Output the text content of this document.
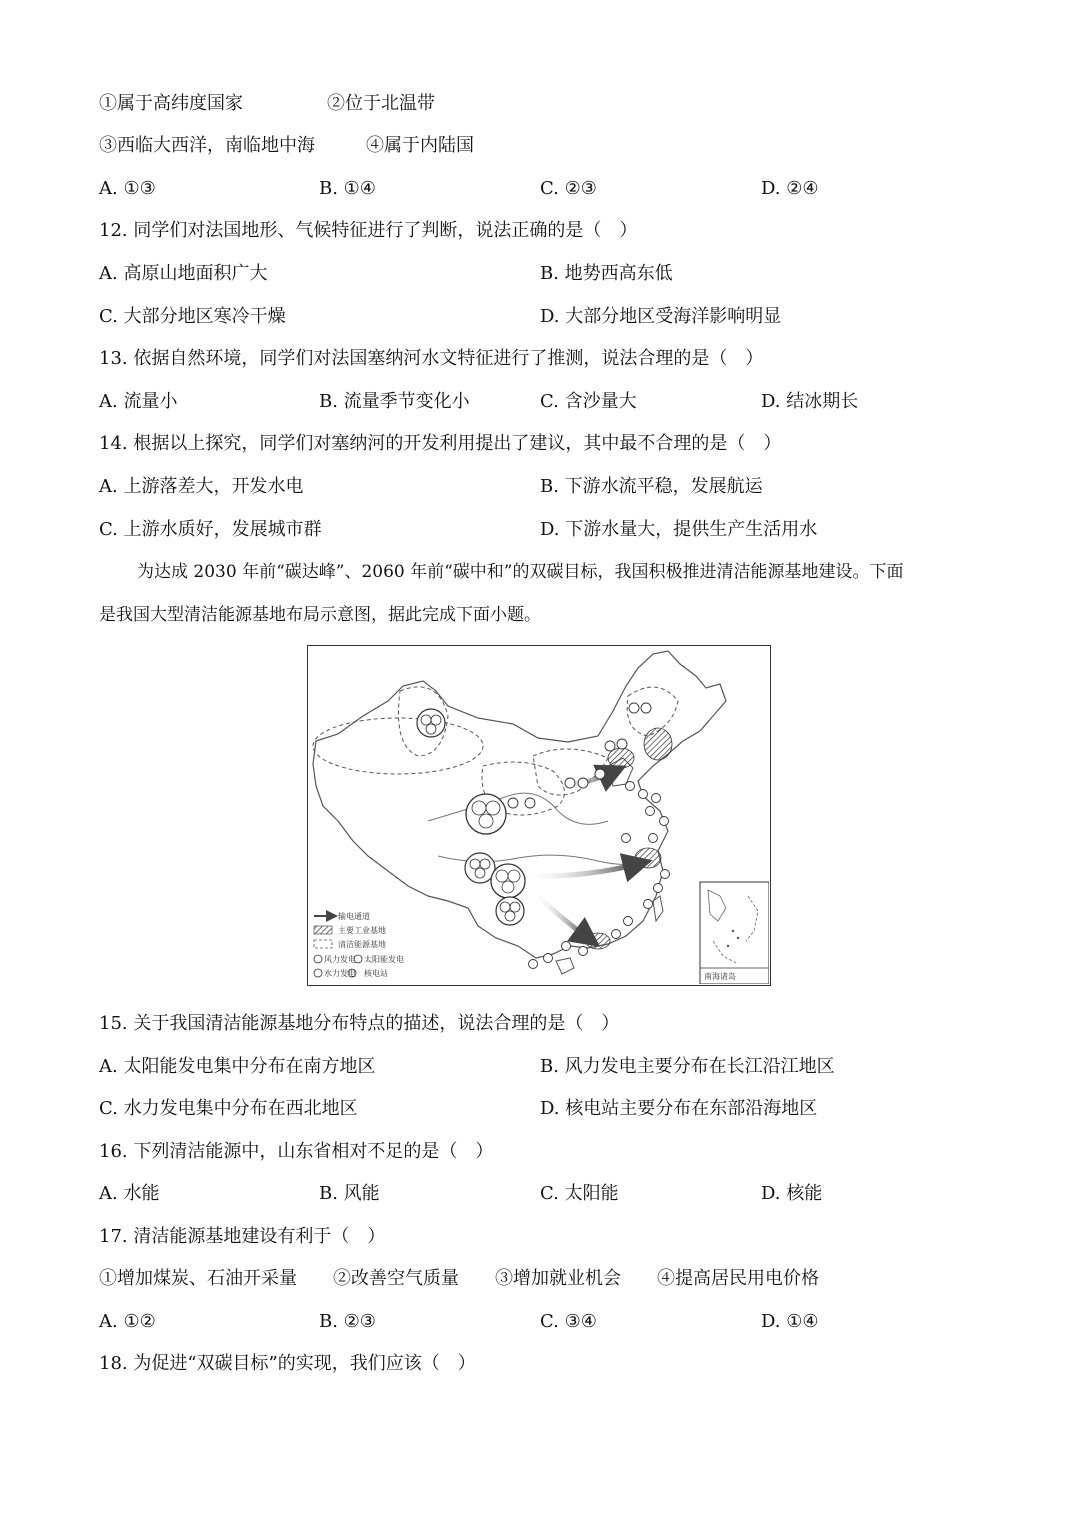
①属于高纬度国家	②位于北温带
③西临大西洋，南临地中海	④属于内陆国
A. ①③	B. ①④	C. ②③	D. ②④
12. 同学们对法国地形、气候特征进行了判断，说法正确的是（　）
A. 高原山地面积广大	B. 地势西高东低
C. 大部分地区寒冷干燥	D. 大部分地区受海洋影响明显
13. 依据自然环境，同学们对法国塞纳河水文特征进行了推测，说法合理的是（　）
A. 流量小	B. 流量季节变化小	C. 含沙量大	D. 结冰期长
14. 根据以上探究，同学们对塞纳河的开发利用提出了建议，其中最不合理的是（　）
A. 上游落差大，开发水电	B. 下游水流平稳，发展航运
C. 上游水质好，发展城市群	D. 下游水量大，提供生产生活用水
为达成 2030 年前“碳达峰”、2060 年前“碳中和”的双碳目标，我国积极推进清洁能源基地建设。下面
是我国大型清洁能源基地布局示意图，据此完成下面小题。
输电通道
主要工业基地
清洁能源基地
风力发电　太阳能发电
水力发电　核电站	南海诸岛
15. 关于我国清洁能源基地分布特点的描述，说法合理的是（　）
A. 太阳能发电集中分布在南方地区	B. 风力发电主要分布在长江沿江地区
C. 水力发电集中分布在西北地区	D. 核电站主要分布在东部沿海地区
16. 下列清洁能源中，山东省相对不足的是（　）
A. 水能	B. 风能	C. 太阳能	D. 核能
17. 清洁能源基地建设有利于（　）
①增加煤炭、石油开采量　　②改善空气质量　　③增加就业机会　　④提高居民用电价格
A. ①②	B. ②③	C. ③④	D. ①④
18. 为促进“双碳目标”的实现，我们应该（　）
